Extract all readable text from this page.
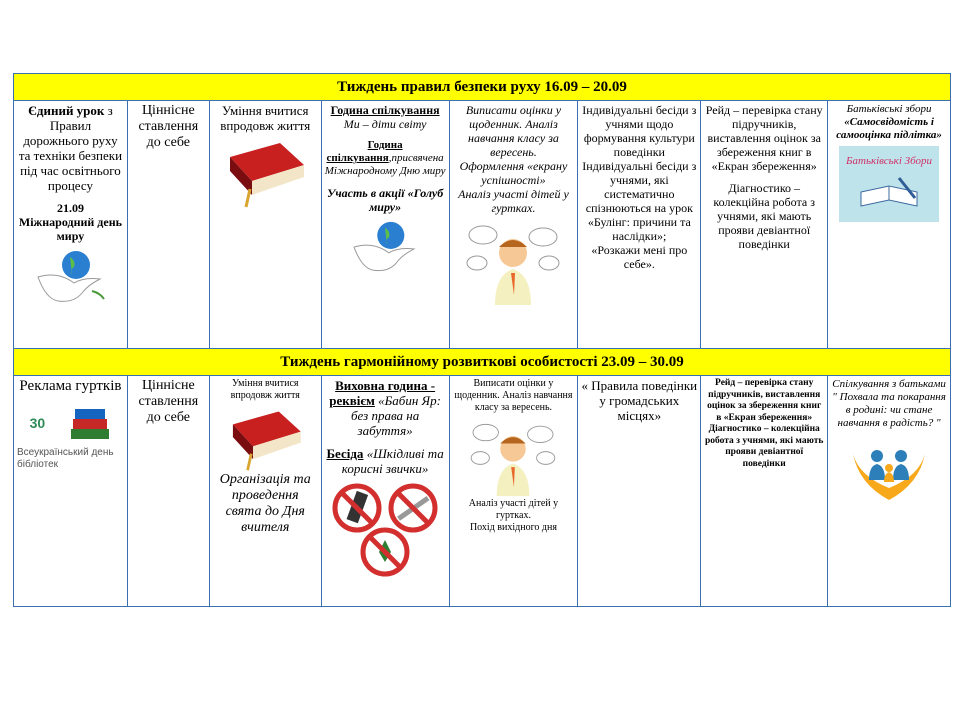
Тиждень правил безпеки руху 16.09 – 20.09
Єдиний урок з Правил дорожнього руху та техніки безпеки під час освітнього процесу
21.09
Міжнародний день миру
Ціннісне ставлення до себе
Уміння вчитися впродовж життя
Година спілкування
Ми – діти світу
Година спілкування,присвячена Міжнародному Дню миру
Участь в акції «Голуб миру»
Виписати оцінки у щоденник. Аналіз навчання класу за вересень.
Оформлення «екрану успішності»
Аналіз участі дітей у гуртках.
Індивідуальні бесіди з учнями щодо формування культури поведінки Індивідуальні бесіди з учнями, які систематично спізнюються на урок
«Булінг: причини та наслідки»;
«Розкажи мені про себе».
Рейд – перевірка стану підручників, виставлення оцінок за збереження книг в «Екран збереження»
Діагностико – колекційна робота з учнями, які мають прояви девіантної поведінки
Батьківські збори
«Самосвідомість і самооцінка підлітка»
Батьківські Збори
Тиждень гармонійному розвиткові особистості 23.09 – 30.09
Реклама гуртків
30
Всеукраїнський день бібліотек
Ціннісне ставлення до себе
Уміння вчитися впродовж життя
Організація та проведення свята до Дня вчителя
Виховна година - реквієм «Бабин Яр: без права на забуття»
Бесіда «Шкідливі та корисні звички»
Виписати оцінки у щоденник. Аналіз навчання класу за вересень.
Аналіз участі дітей у гуртках.
Похід вихідного дня
« Правила поведінки у громадських місцях»
Рейд – перевірка стану підручників, виставлення оцінок за збереження книг в «Екран збереження»
Діагностико – колекційна робота з учнями, які мають прояви девіантної поведінки
Спілкування з батьками " Похвала та покарання в родині: чи стане навчання в радість? "
